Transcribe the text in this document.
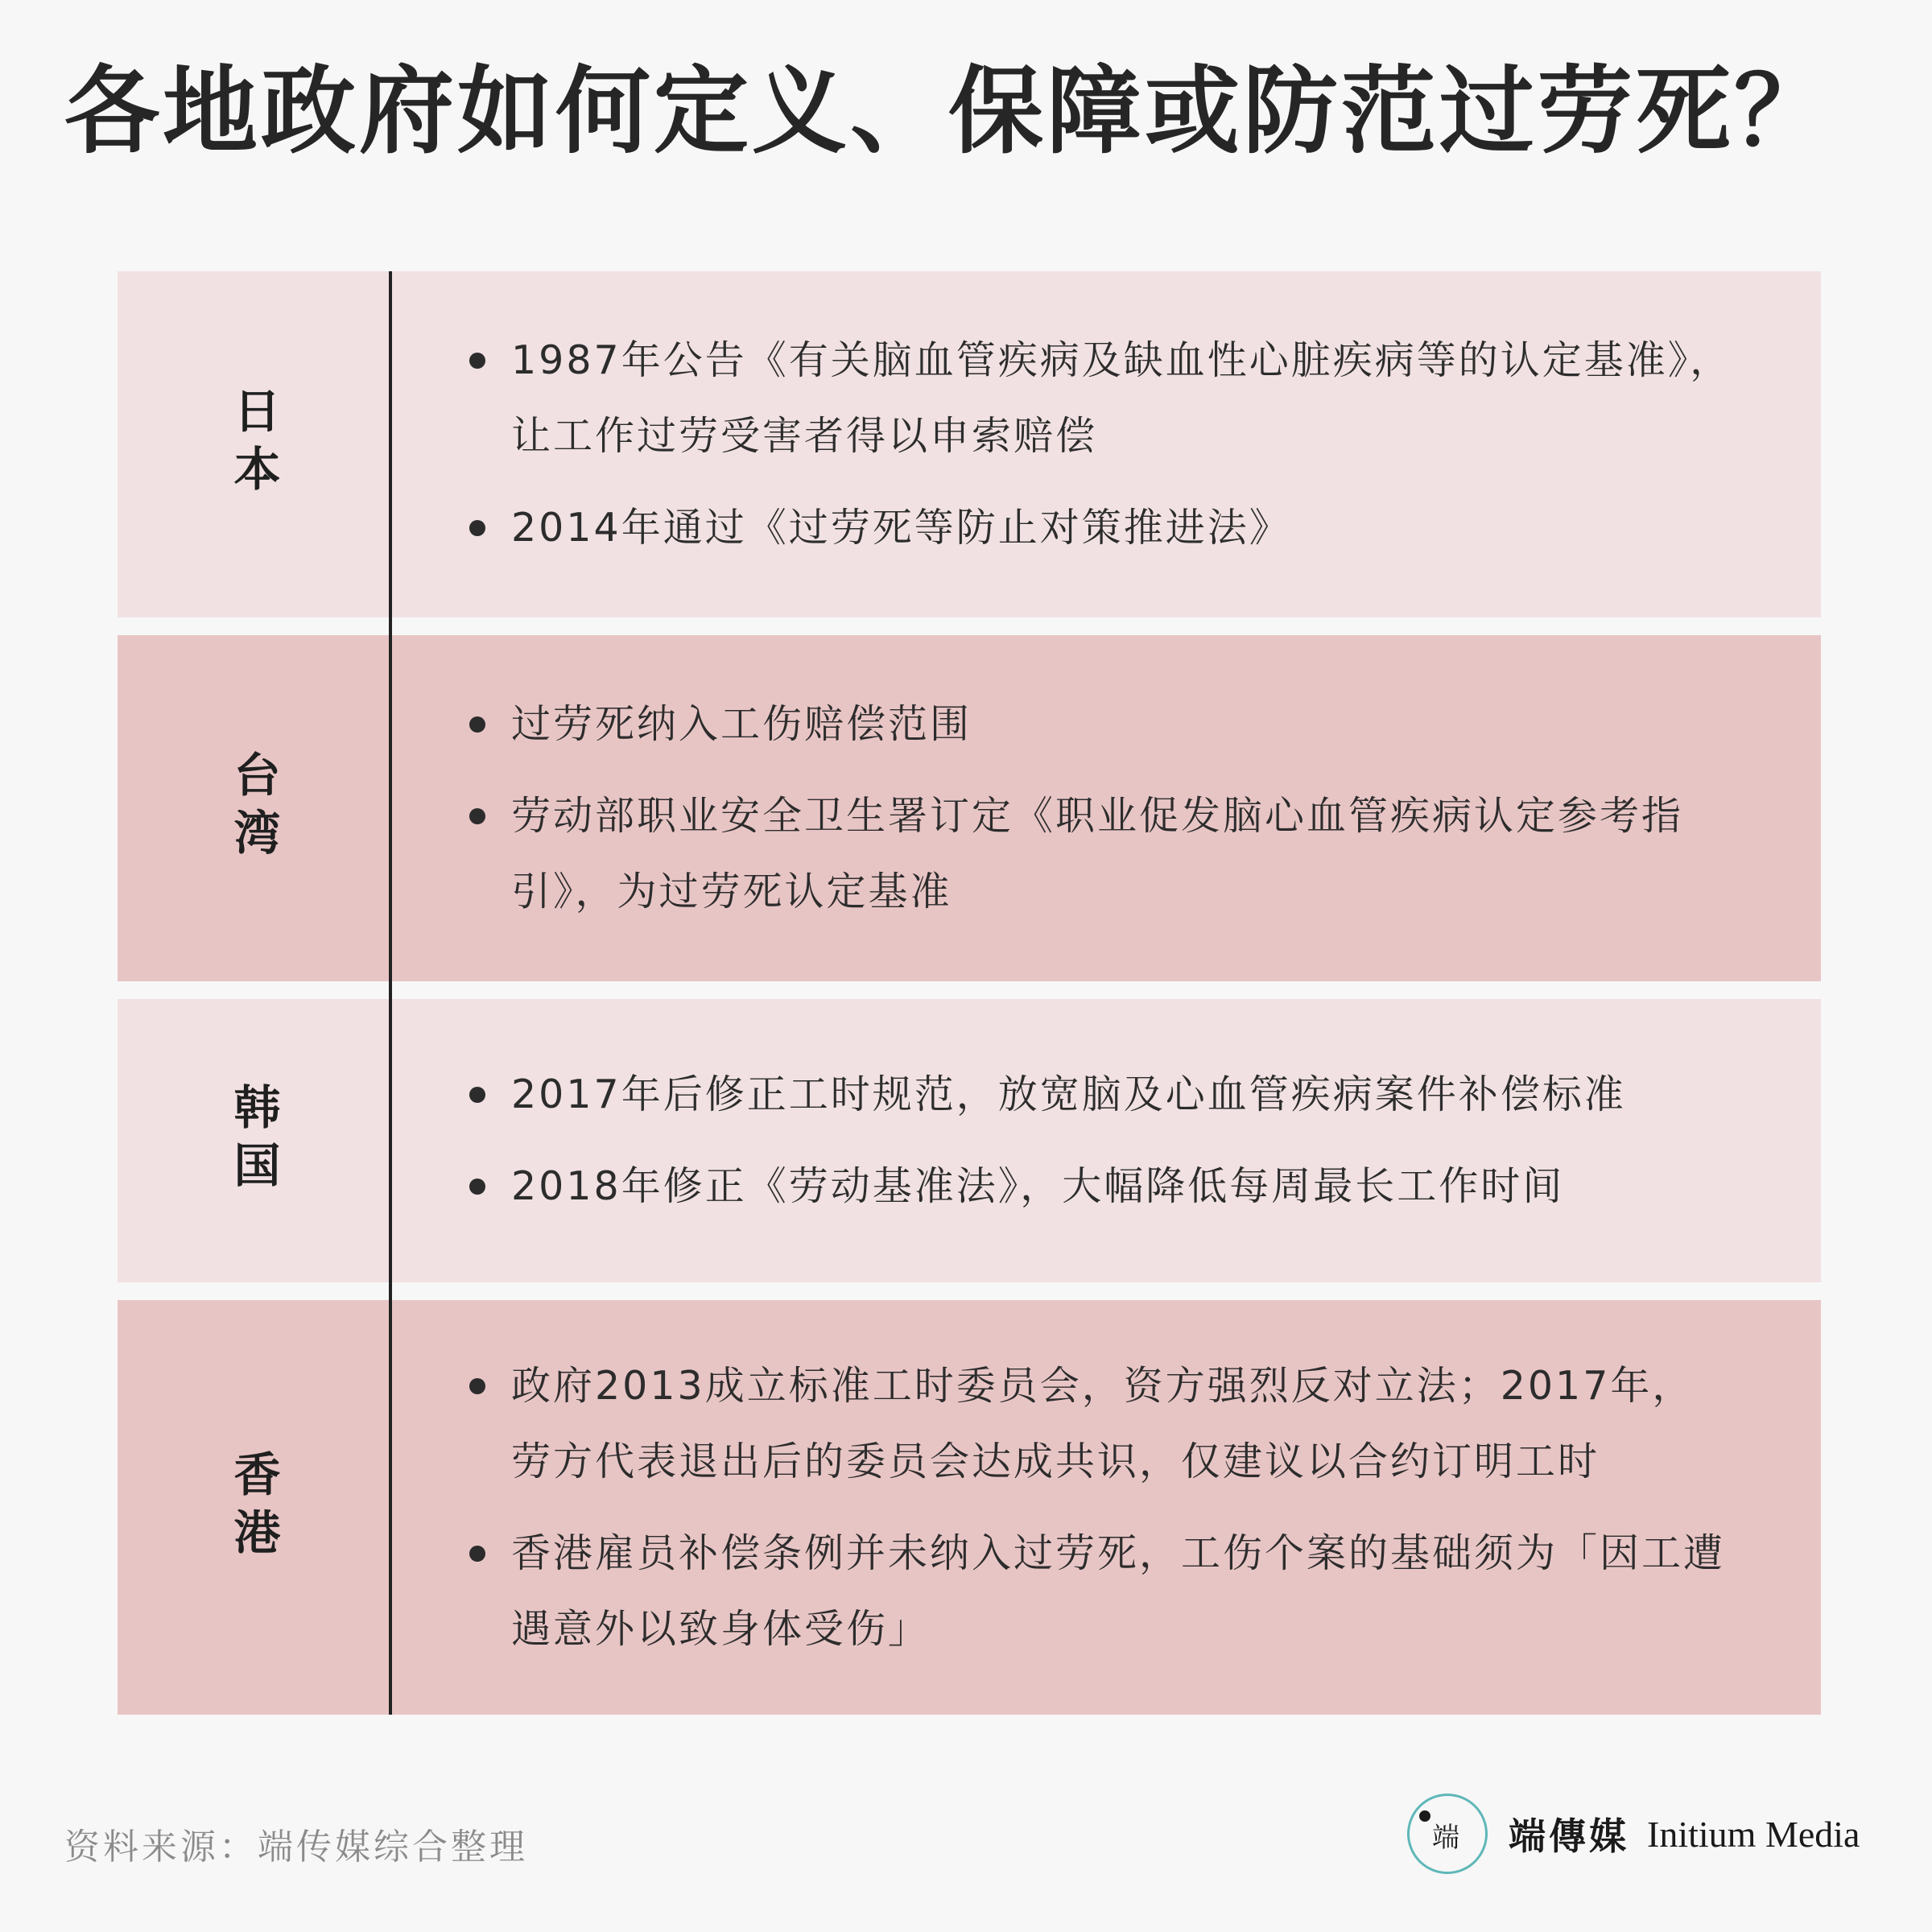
各地政府如何定义、保障或防范过劳死？
日本
1987年公告《有关脑血管疾病及缺血性心脏疾病等的认定基准》，让工作过劳受害者得以申索赔偿
2014年通过《过劳死等防止对策推进法》
台湾
过劳死纳入工伤赔偿范围
劳动部职业安全卫生署订定《职业促发脑心血管疾病认定参考指引》，为过劳死认定基准
韩国	2017年后修正工时规范，放宽脑及心血管疾病案件补偿标准
2018年修正《劳动基准法》，大幅降低每周最长工作时间
香港
政府2013成立标准工时委员会，资方强烈反对立法；2017年，劳方代表退出后的委员会达成共识，仅建议以合约订明工时
香港雇员补偿条例并未纳入过劳死，工伤个案的基础须为「因工遭遇意外以致身体受伤」
资料来源：端传媒综合整理	端 端傳媒 Initium Media
